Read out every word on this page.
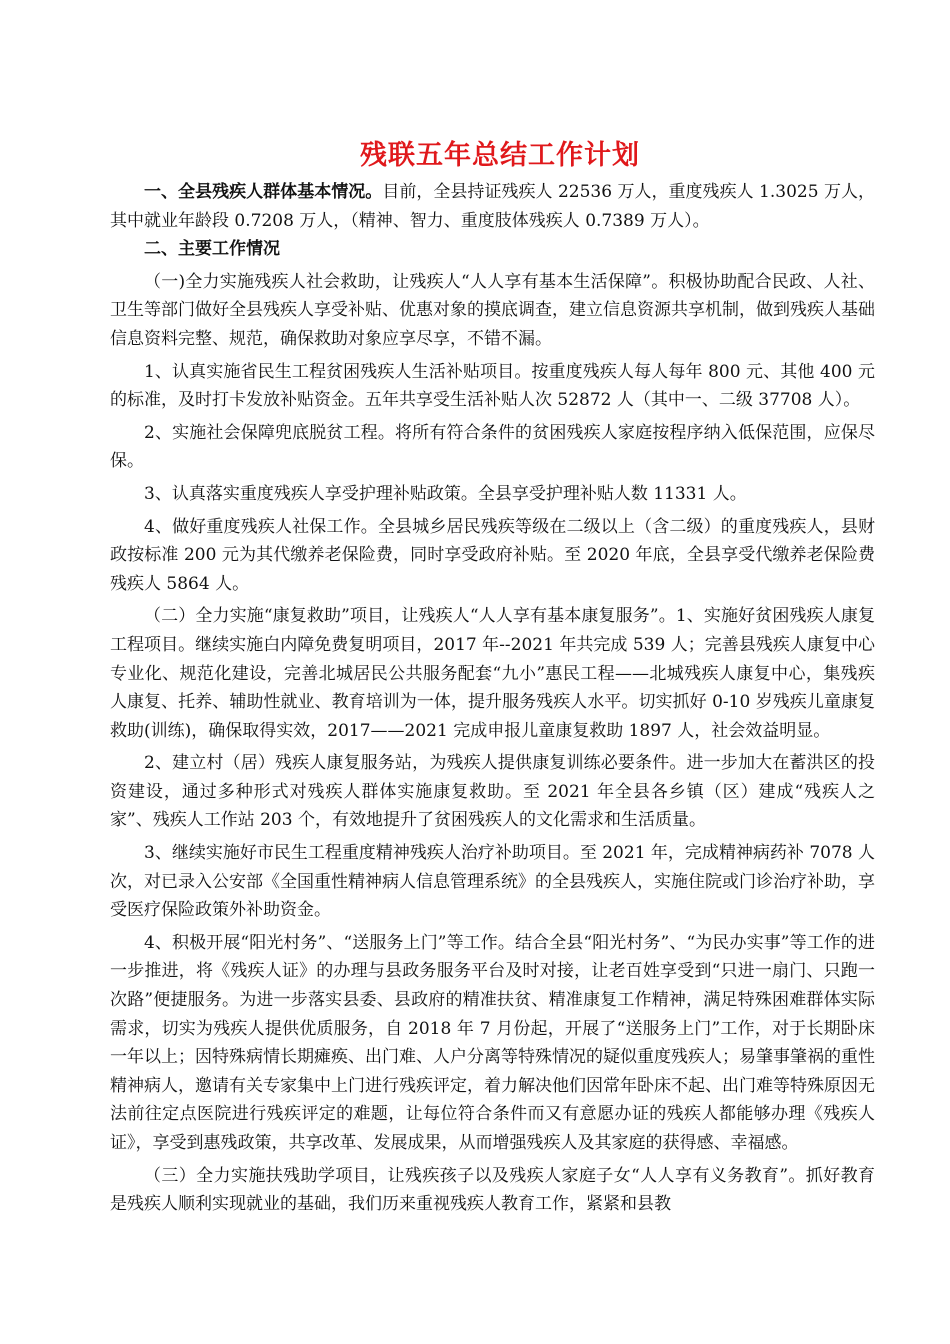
残联五年总结工作计划

一、全县残疾人群体基本情况。目前，全县持证残疾人 22536 万人，重度残疾人 1.3025 万人，其中就业年龄段 0.7208 万人，（精神、智力、重度肢体残疾人 0.7389 万人）。

二、主要工作情况

（一)全力实施残疾人社会救助，让残疾人“人人享有基本生活保障”。积极协助配合民政、人社、卫生等部门做好全县残疾人享受补贴、优惠对象的摸底调查，建立信息资源共享机制，做到残疾人基础信息资料完整、规范，确保救助对象应享尽享，不错不漏。

1、认真实施省民生工程贫困残疾人生活补贴项目。按重度残疾人每人每年 800 元、其他 400 元的标准，及时打卡发放补贴资金。五年共享受生活补贴人次 52872 人（其中一、二级 37708 人）。

2、实施社会保障兜底脱贫工程。将所有符合条件的贫困残疾人家庭按程序纳入低保范围，应保尽保。

3、认真落实重度残疾人享受护理补贴政策。全县享受护理补贴人数 11331 人。

4、做好重度残疾人社保工作。全县城乡居民残疾等级在二级以上（含二级）的重度残疾人，县财政按标准 200 元为其代缴养老保险费，同时享受政府补贴。至 2020 年底，全县享受代缴养老保险费残疾人 5864 人。

（二）全力实施“康复救助”项目，让残疾人“人人享有基本康复服务”。1、实施好贫困残疾人康复工程项目。继续实施白内障免费复明项目，2017 年--2021 年共完成 539 人；完善县残疾人康复中心专业化、规范化建设，完善北城居民公共服务配套“九小”惠民工程——北城残疾人康复中心，集残疾人康复、托养、辅助性就业、教育培训为一体，提升服务残疾人水平。切实抓好 0-10 岁残疾儿童康复救助(训练)，确保取得实效，2017——2021 完成申报儿童康复救助 1897 人，社会效益明显。

2、建立村（居）残疾人康复服务站，为残疾人提供康复训练必要条件。进一步加大在蓄洪区的投资建设，通过多种形式对残疾人群体实施康复救助。至 2021 年全县各乡镇（区）建成“残疾人之家”、残疾人工作站 203 个，有效地提升了贫困残疾人的文化需求和生活质量。

3、继续实施好市民生工程重度精神残疾人治疗补助项目。至 2021 年，完成精神病药补 7078 人次，对已录入公安部《全国重性精神病人信息管理系统》的全县残疾人，实施住院或门诊治疗补助，享受医疗保险政策外补助资金。

4、积极开展“阳光村务”、“送服务上门”等工作。结合全县“阳光村务”、“为民办实事”等工作的进一步推进，将《残疾人证》的办理与县政务服务平台及时对接，让老百姓享受到“只进一扇门、只跑一次路”便捷服务。为进一步落实县委、县政府的精准扶贫、精准康复工作精神，满足特殊困难群体实际需求，切实为残疾人提供优质服务，自 2018 年 7 月份起，开展了“送服务上门”工作，对于长期卧床一年以上；因特殊病情长期瘫痪、出门难、人户分离等特殊情况的疑似重度残疾人；易肇事肇祸的重性精神病人，邀请有关专家集中上门进行残疾评定，着力解决他们因常年卧床不起、出门难等特殊原因无法前往定点医院进行残疾评定的难题，让每位符合条件而又有意愿办证的残疾人都能够办理《残疾人证》，享受到惠残政策，共享改革、发展成果，从而增强残疾人及其家庭的获得感、幸福感。

（三）全力实施扶残助学项目，让残疾孩子以及残疾人家庭子女“人人享有义务教育”。抓好教育是残疾人顺利实现就业的基础，我们历来重视残疾人教育工作，紧紧和县教
